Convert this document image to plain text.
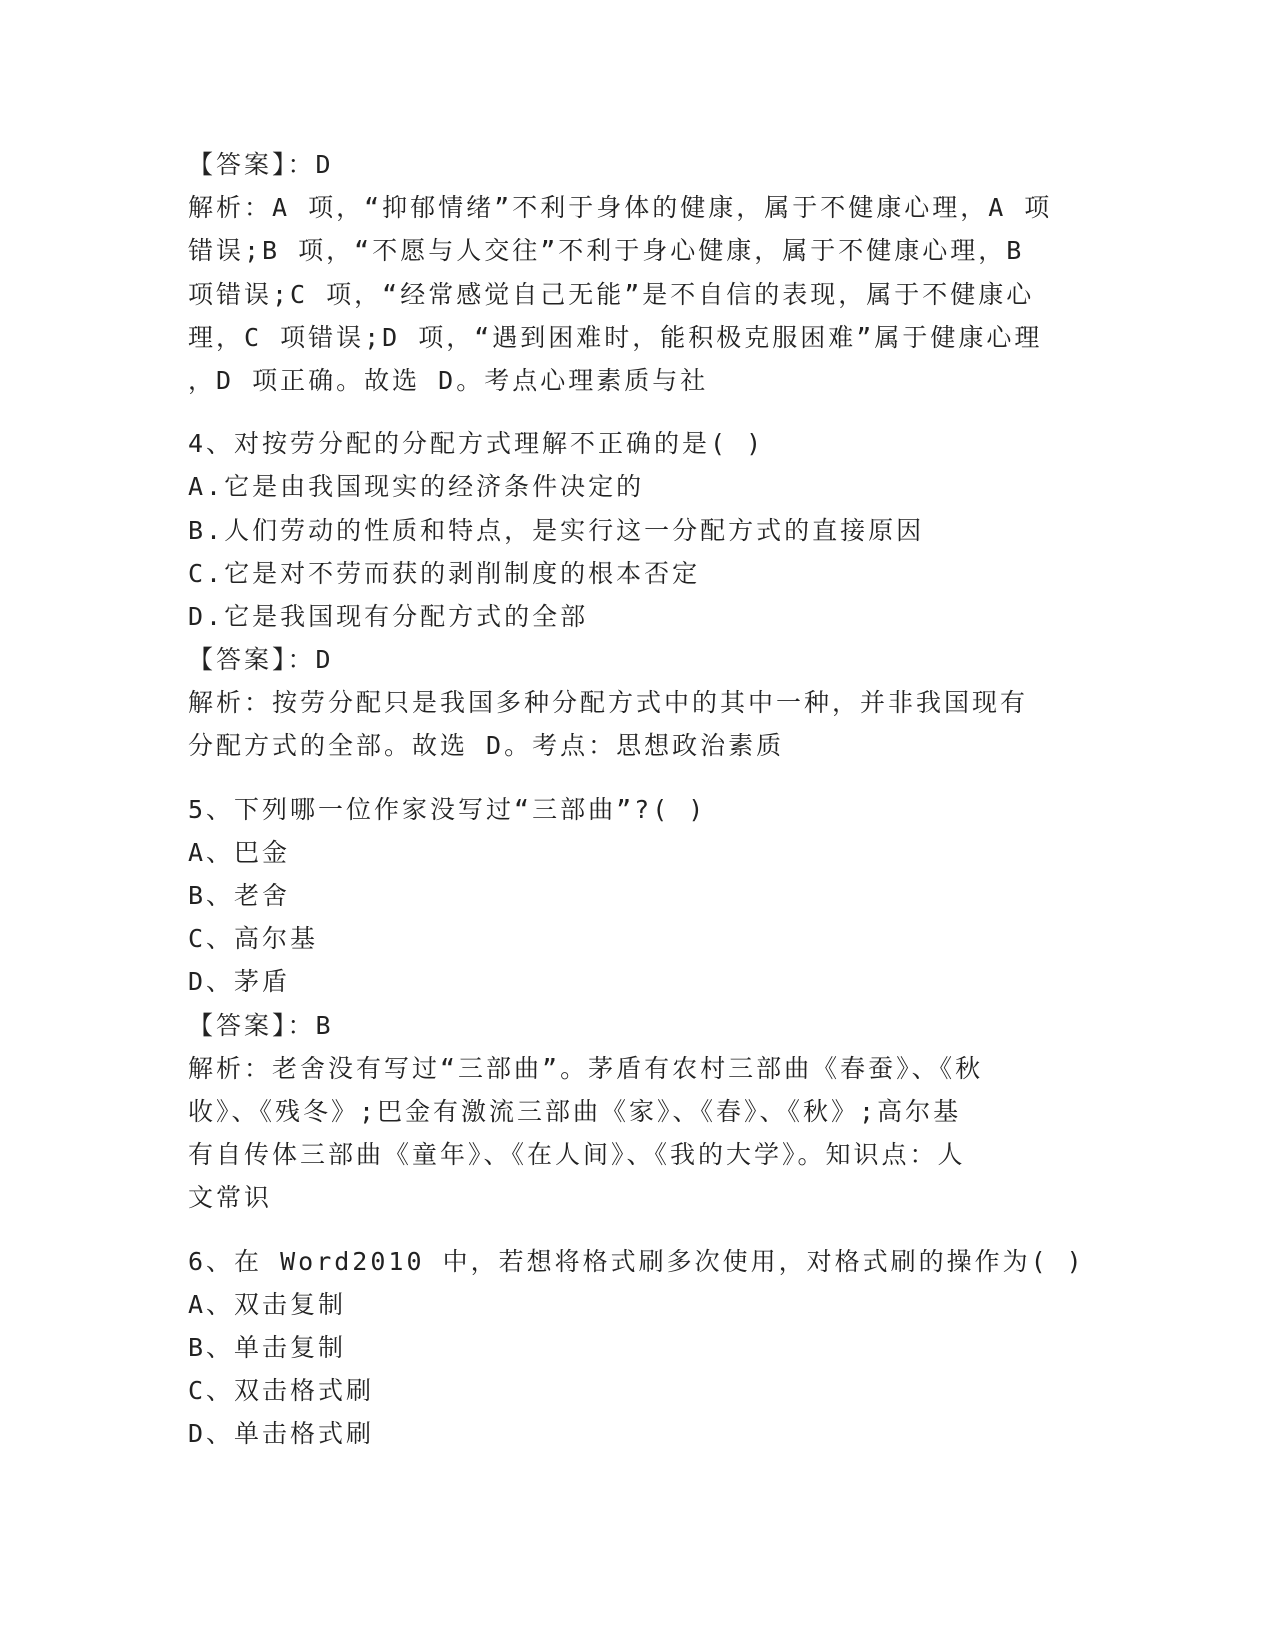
【答案】：D
解析：A 项，“抑郁情绪”不利于身体的健康，属于不健康心理，A 项
错误;B 项，“不愿与人交往”不利于身心健康，属于不健康心理，B
项错误;C 项，“经常感觉自己无能”是不自信的表现，属于不健康心
理，C 项错误;D 项，“遇到困难时，能积极克服困难”属于健康心理
，D 项正确。故选 D。考点心理素质与社
4、对按劳分配的分配方式理解不正确的是( )
A.它是由我国现实的经济条件决定的
B.人们劳动的性质和特点，是实行这一分配方式的直接原因
C.它是对不劳而获的剥削制度的根本否定
D.它是我国现有分配方式的全部
【答案】：D
解析：按劳分配只是我国多种分配方式中的其中一种，并非我国现有
分配方式的全部。故选 D。考点：思想政治素质
5、下列哪一位作家没写过“三部曲”?( )
A、巴金
B、老舍
C、高尔基
D、茅盾
【答案】：B
解析：老舍没有写过“三部曲”。茅盾有农村三部曲《春蚕》、《秋
收》、《残冬》;巴金有激流三部曲《家》、《春》、《秋》;高尔基
有自传体三部曲《童年》、《在人间》、《我的大学》。知识点：人
文常识
6、在 Word2010 中，若想将格式刷多次使用，对格式刷的操作为( )
A、双击复制
B、单击复制
C、双击格式刷
D、单击格式刷
